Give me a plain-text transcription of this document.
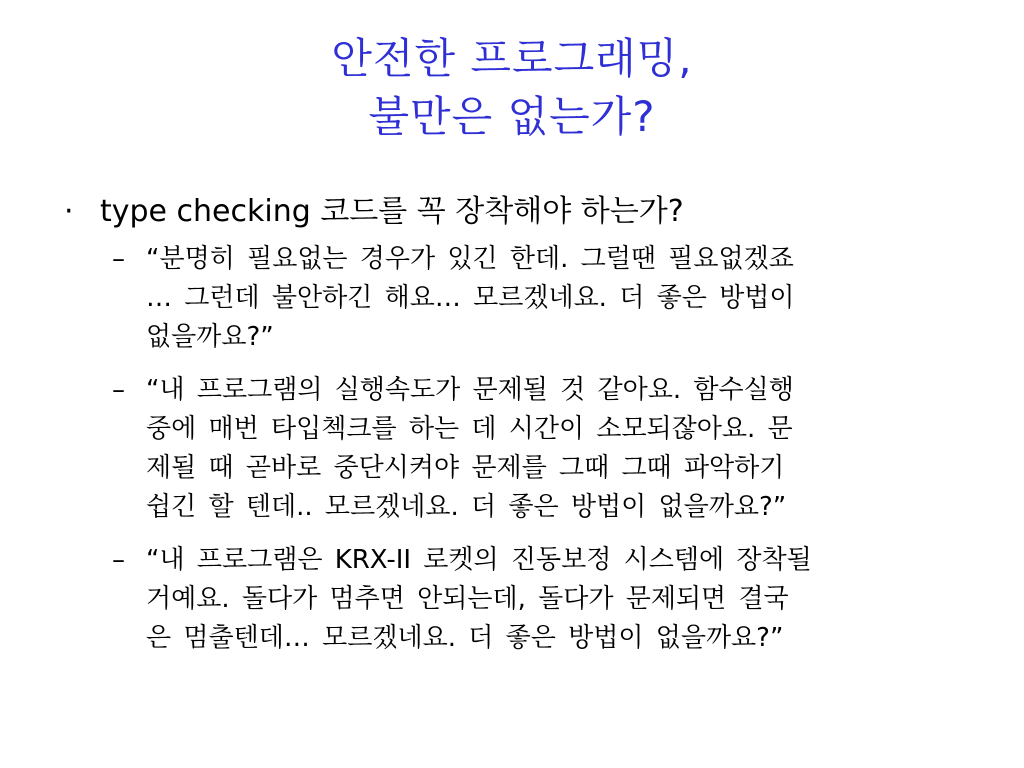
안전한 프로그래밍,
불만은 없는가?
· type checking 코드를 꼭 장착해야 하는가?
– “분명히 필요없는 경우가 있긴 한데. 그럴땐 필요없겠죠
… 그런데 불안하긴 해요… 모르겠네요. 더 좋은 방법이
없을까요?”
– “내 프로그램의 실행속도가 문제될 것 같아요. 함수실행
중에 매번 타입첵크를 하는 데 시간이 소모되잖아요. 문
제될 때 곧바로 중단시켜야 문제를 그때 그때 파악하기
쉽긴 할 텐데.. 모르겠네요. 더 좋은 방법이 없을까요?”
– “내 프로그램은 KRX-II 로켓의 진동보정 시스템에 장착될
거예요. 돌다가 멈추면 안되는데, 돌다가 문제되면 결국
은 멈출텐데… 모르겠네요. 더 좋은 방법이 없을까요?”
